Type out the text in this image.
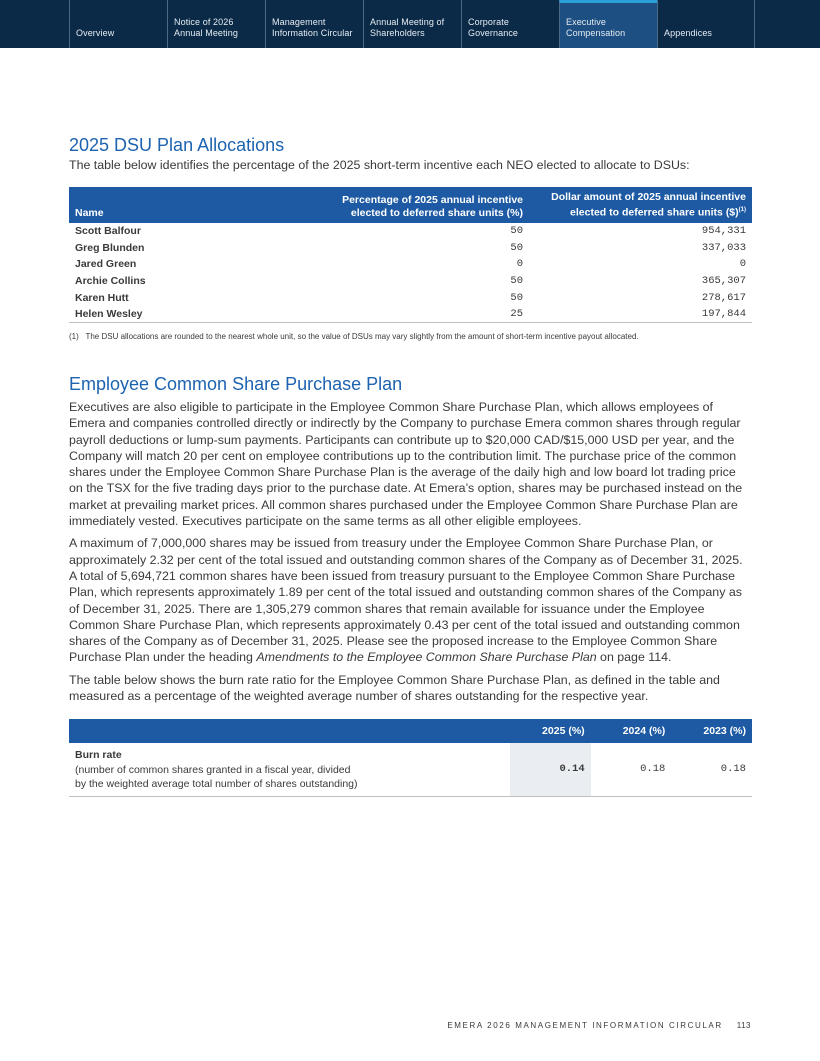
Overview
Notice of 2026
Annual Meeting
Management
Information Circular
Annual Meeting of
Shareholders
Corporate
Governance
Executive
Compensation	Appendices
2025 DSU Plan Allocations
The table below identifies the percentage of the 2025 short-term incentive each NEO elected to allocate to DSUs:
Name	Percentage of 2025 annual incentive elected to deferred share units (%)	Dollar amount of 2025 annual incentive elected to deferred share units ($)$^{(1)}$
Scott Balfour	50	954,331
Greg Blunden	50	337,033
Jared Green	0	0
Archie Collins	50	365,307
Karen Hutt	50	278,617
Helen Wesley	25	197,844
(1) The DSU allocations are rounded to the nearest whole unit, so the value of DSUs may vary slightly from the amount of short-term incentive payout allocated.
Employee Common Share Purchase Plan

Executives are also eligible to participate in the Employee Common Share Purchase Plan, which allows employees of Emera and companies controlled directly or indirectly by the Company to purchase Emera common shares through regular payroll deductions or lump-sum payments. Participants can contribute up to $20,000 CAD/$15,000 USD per year, and the Company will match 20 per cent on employee contributions up to the contribution limit. The purchase price of the common shares under the Employee Common Share Purchase Plan is the average of the daily high and low board lot trading price on the TSX for the five trading days prior to the purchase date. At Emera’s option, shares may be purchased instead on the market at prevailing market prices. All common shares purchased under the Employee Common Share Purchase Plan are immediately vested. Executives participate on the same terms as all other eligible employees.

A maximum of 7,000,000 shares may be issued from treasury under the Employee Common Share Purchase Plan, or approximately 2.32 per cent of the total issued and outstanding common shares of the Company as of December 31, 2025. A total of 5,694,721 common shares have been issued from treasury pursuant to the Employee Common Share Purchase Plan, which represents approximately 1.89 per cent of the total issued and outstanding common shares of the Company as of December 31, 2025. There are 1,305,279 common shares that remain available for issuance under the Employee Common Share Purchase Plan, which represents approximately 0.43 per cent of the total issued and outstanding common shares of the Company as of December 31, 2025. Please see the proposed increase to the Employee Common Share Purchase Plan under the heading Amendments to the Employee Common Share Purchase Plan on page 114.

The table below shows the burn rate ratio for the Employee Common Share Purchase Plan, as defined in the table and measured as a percentage of the weighted average number of shares outstanding for the respective year.

	2025 (%)	2024 (%)	2023 (%)

Burn rate
(number of common shares granted in a fiscal year, divided
by the weighted average total number of shares outstanding)	0.14	0.18	0.18
EMERA 2026 MANAGEMENT INFORMATION CIRCULAR 113
